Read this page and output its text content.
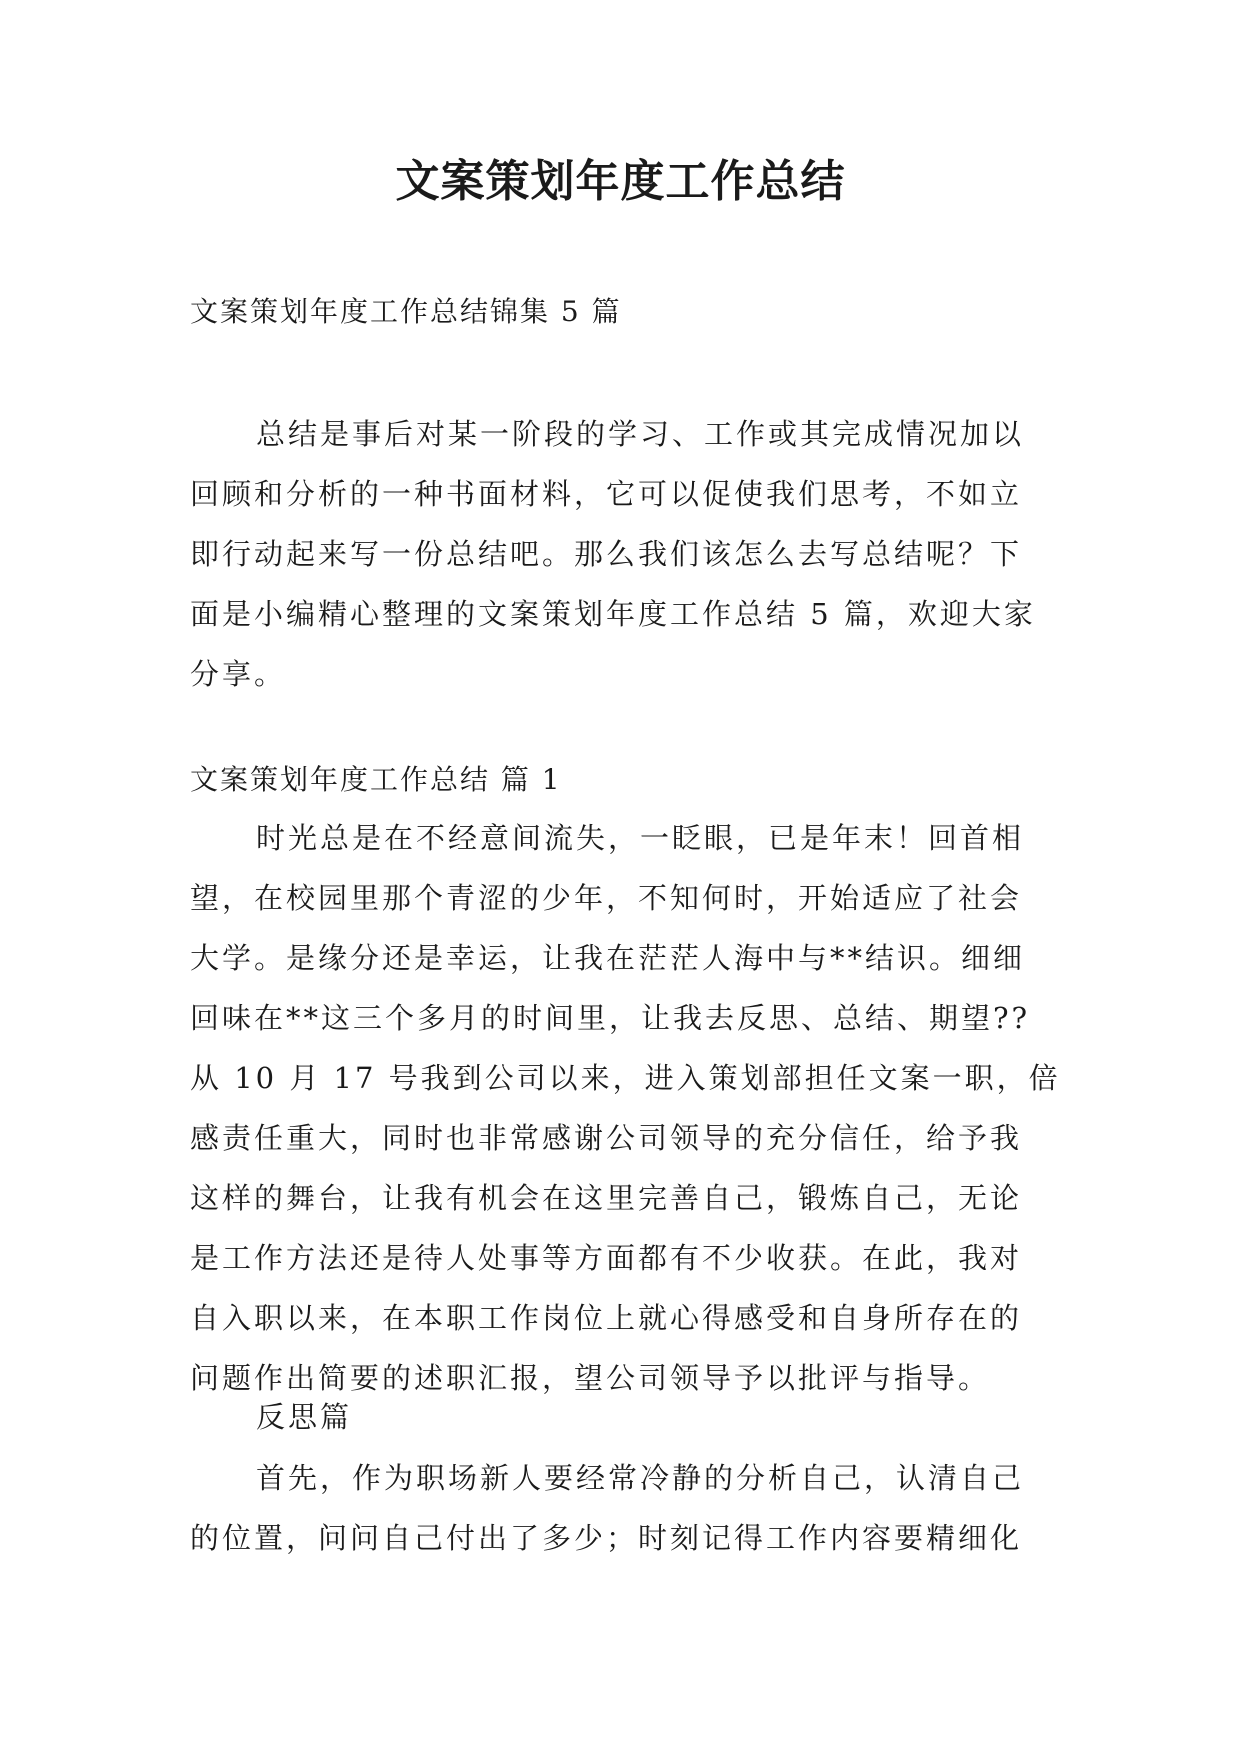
文案策划年度工作总结

文案策划年度工作总结锦集 5 篇

总结是事后对某一阶段的学习、工作或其完成情况加以
回顾和分析的一种书面材料，它可以促使我们思考，不如立
即行动起来写一份总结吧。那么我们该怎么去写总结呢？下
面是小编精心整理的文案策划年度工作总结 5 篇，欢迎大家
分享。

文案策划年度工作总结 篇 1

时光总是在不经意间流失，一眨眼，已是年末！回首相
望，在校园里那个青涩的少年，不知何时，开始适应了社会
大学。是缘分还是幸运，让我在茫茫人海中与**结识。细细
回味在**这三个多月的时间里，让我去反思、总结、期望??
从 10 月 17 号我到公司以来，进入策划部担任文案一职，倍
感责任重大，同时也非常感谢公司领导的充分信任，给予我
这样的舞台，让我有机会在这里完善自己，锻炼自己，无论
是工作方法还是待人处事等方面都有不少收获。在此，我对
自入职以来，在本职工作岗位上就心得感受和自身所存在的
问题作出简要的述职汇报，望公司领导予以批评与指导。

反思篇

首先，作为职场新人要经常冷静的分析自己，认清自己
的位置，问问自己付出了多少；时刻记得工作内容要精细化
